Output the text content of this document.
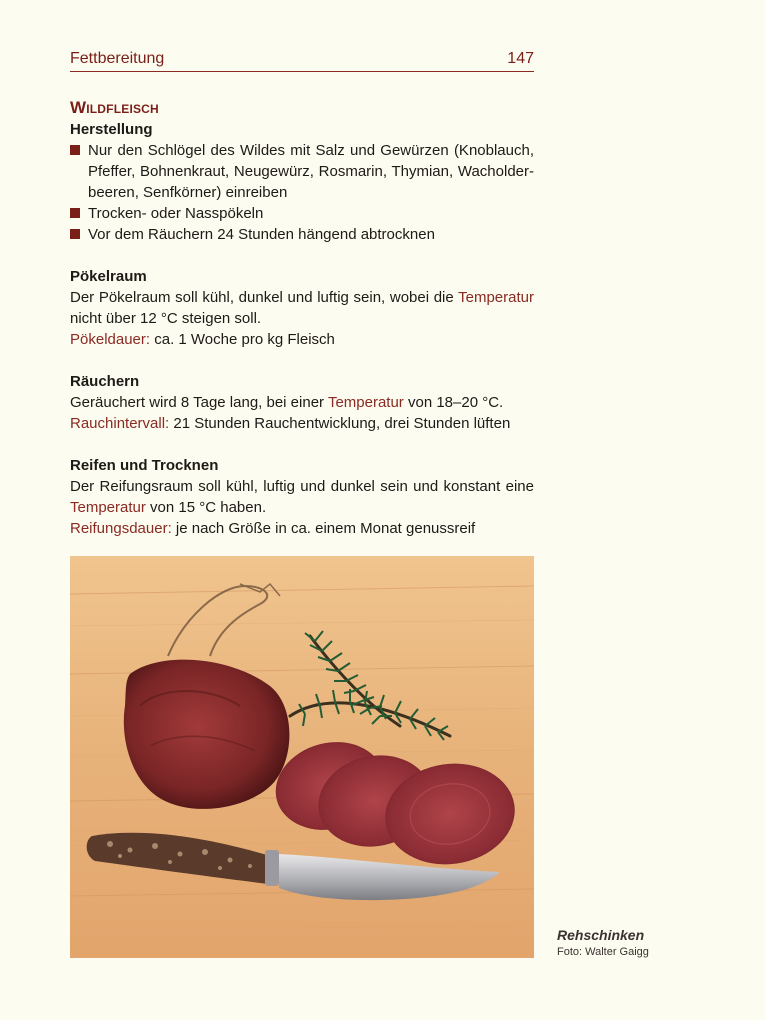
Fettbereitung	147
Wildfleisch
Herstellung
Nur den Schlögel des Wildes mit Salz und Gewürzen (Knoblauch, Pfeffer, Bohnenkraut, Neugewürz, Rosmarin, Thymian, Wacholder-beeren, Senfkörner) einreiben
Trocken- oder Nasspökeln
Vor dem Räuchern 24 Stunden hängend abtrocknen
Pökelraum

Der Pökelraum soll kühl, dunkel und luftig sein, wobei die Temperatur nicht über 12 °C steigen soll.

Pökeldauer: ca. 1 Woche pro kg Fleisch

Räuchern

Geräuchert wird 8 Tage lang, bei einer Temperatur von 18–20 °C.

Rauchintervall: 21 Stunden Rauchentwicklung, drei Stunden lüften

Reifen und Trocknen

Der Reifungsraum soll kühl, luftig und dunkel sein und konstant eine Temperatur von 15 °C haben.

Reifungsdauer: je nach Größe in ca. einem Monat genussreif

Rehschinken
Foto: Walter Gaigg
